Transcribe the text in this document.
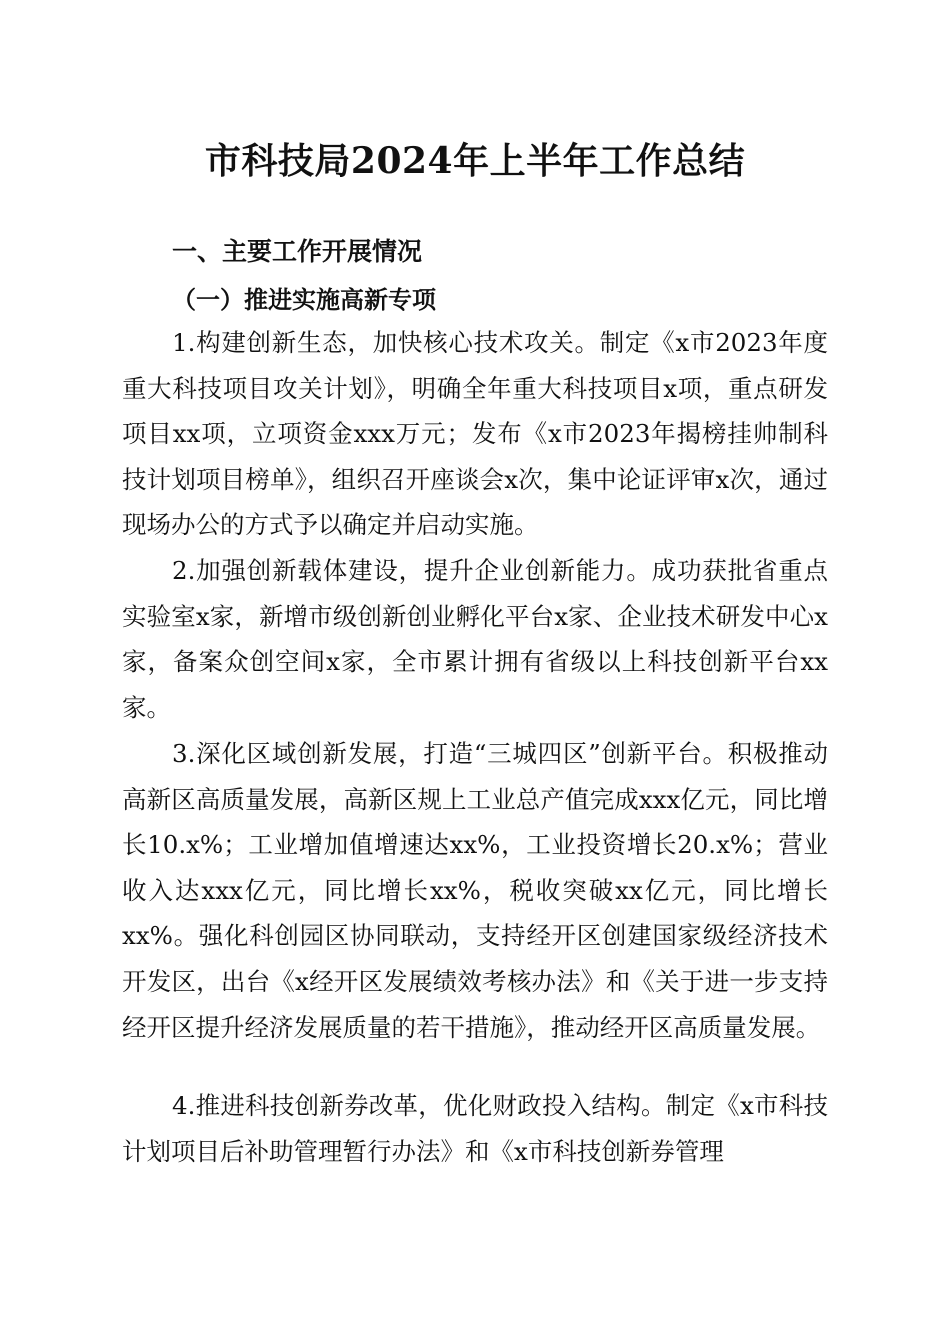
市科技局2024年上半年工作总结
一、主要工作开展情况
（一）推进实施高新专项

1.构建创新生态，加快核心技术攻关。制定《x市2023年度重大科技项目攻关计划》，明确全年重大科技项目x项，重点研发项目xx项，立项资金xxx万元；发布《x市2023年揭榜挂帅制科技计划项目榜单》，组织召开座谈会x次，集中论证评审x次，通过现场办公的方式予以确定并启动实施。

2.加强创新载体建设，提升企业创新能力。成功获批省重点实验室x家，新增市级创新创业孵化平台x家、企业技术研发中心x家，备案众创空间x家，全市累计拥有省级以上科技创新平台xx家。

3.深化区域创新发展，打造“三城四区”创新平台。积极推动高新区高质量发展，高新区规上工业总产值完成xxx亿元，同比增长10.x%；工业增加值增速达xx%，工业投资增长20.x%；营业收入达xxx亿元，同比增长xx%，税收突破xx亿元，同比增长xx%。强化科创园区协同联动，支持经开区创建国家级经济技术开发区，出台《x经开区发展绩效考核办法》和《关于进一步支持经开区提升经济发展质量的若干措施》，推动经开区高质量发展。

4.推进科技创新券改革，优化财政投入结构。制定《x市科技计划项目后补助管理暂行办法》和《x市科技创新券管理
